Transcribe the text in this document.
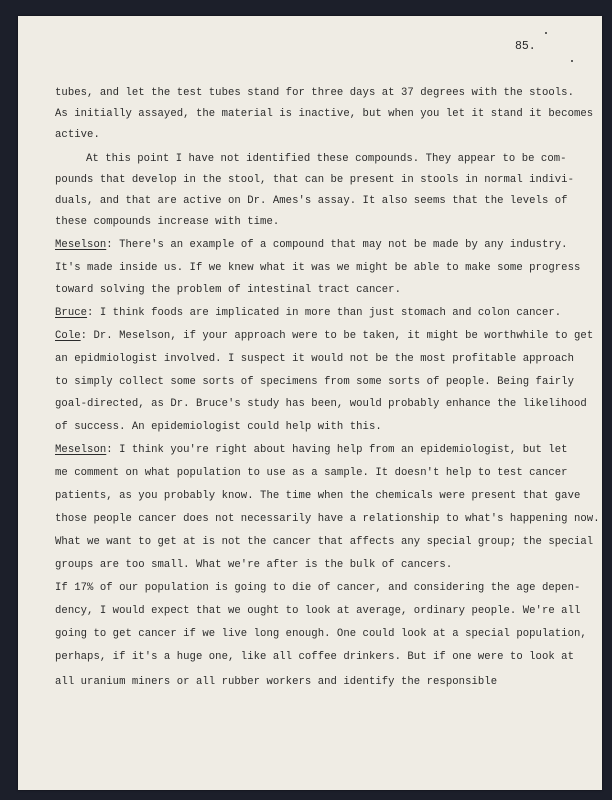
85.
tubes, and let the test tubes stand for three days at 37 degrees with the stools.
As initially assayed, the material is inactive, but when you let it stand it becomes
active.
At this point I have not identified these compounds. They appear to be com-
pounds that develop in the stool, that can be present in stools in normal indivi-
duals, and that are active on Dr. Ames's assay. It also seems that the levels of
these compounds increase with time.
Meselson: There's an example of a compound that may not be made by any industry.
It's made inside us. If we knew what it was we might be able to make some progress
toward solving the problem of intestinal tract cancer.
Bruce: I think foods are implicated in more than just stomach and colon cancer.
Cole: Dr. Meselson, if your approach were to be taken, it might be worthwhile to get
an epidmiologist involved. I suspect it would not be the most profitable approach
to simply collect some sorts of specimens from some sorts of people. Being fairly
goal-directed, as Dr. Bruce's study has been, would probably enhance the likelihood
of success. An epidemiologist could help with this.
Meselson: I think you're right about having help from an epidemiologist, but let
me comment on what population to use as a sample. It doesn't help to test cancer
patients, as you probably know. The time when the chemicals were present that gave
those people cancer does not necessarily have a relationship to what's happening now.
What we want to get at is not the cancer that affects any special group; the special
groups are too small. What we're after is the bulk of cancers.
If 17% of our population is going to die of cancer, and considering the age depen-
dency, I would expect that we ought to look at average, ordinary people. We're all
going to get cancer if we live long enough. One could look at a special population,
perhaps, if it's a huge one, like all coffee drinkers. But if one were to look at
all uranium miners or all rubber workers and identify the responsible
